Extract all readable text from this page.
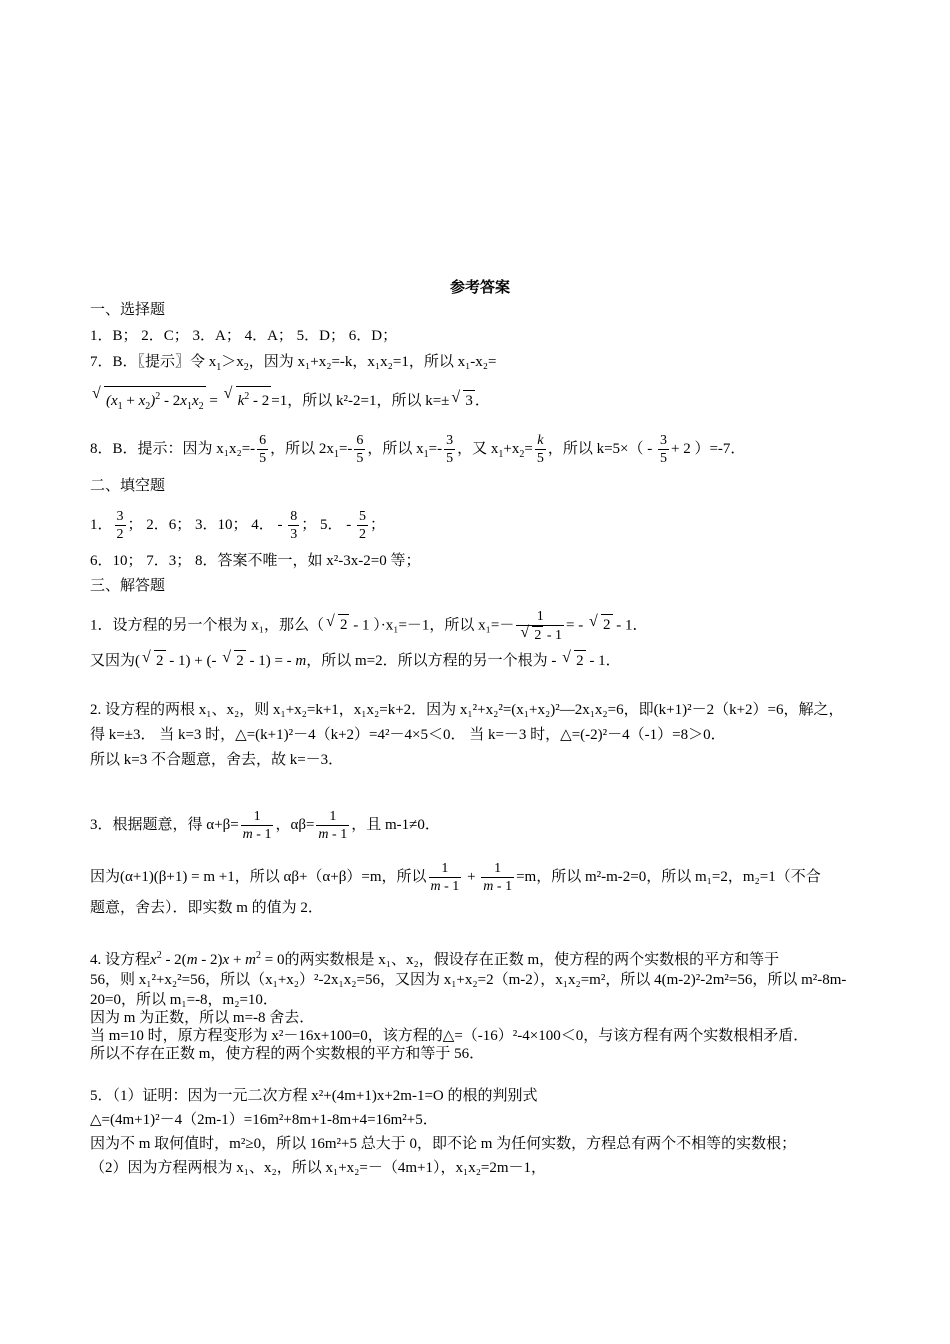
参考答案
一、选择题
1．B； 2．C； 3．A； 4．A； 5．D； 6．D；
7．B．〖提示〗令 $x_1>x_2$，因为 x₁+x₂=-k，x₁x₂=1，所以 x₁-x₂=
√ $(x_1 + x_2)^2 - 2x_1x_2$ = √ $k^2 - 2 =1$，所以 k²-2=1，所以 k=± √ 3 ．
8．B．提示：因为 $x_1x_2=- \frac{6}{5}$ ，所以 $2x_1=- \frac{6}{5}$ ，所以 $x_1=- \frac{3}{5}$ ，又 $x_1+x_2= \frac{k}{5}$ ，所以 $k=5\times( - \frac{3}{5} + 2$ ）=-7．
二、填空题
1． $\frac{3}{2}$ ； 2．6； 3．10； 4． - $\frac{8}{3}$ ； 5． - $\frac{5}{2}$ ；
6．10； 7．3； 8．答案不唯一，如 x²-3x-2=0 等；
三、解答题
1．设方程的另一个根为 x₁，那么（ √ 2 - 1 ）·x₁=－1，所以 x₁=－ 1
√ 2 - 1 = - √ 2 - 1．
又因为( √ 2 - 1) + (- √ 2 - 1) = - m，所以 m=2．所以方程的另一个根为 - √ 2 - 1．
2. 设方程的两根 x₁、x₂，则 x₁+x₂=k+1，x₁x₂=k+2．因为 x₁²+x₂²=(x₁+x₂)²—2x₁x₂=6，即(k+1)²－2（k+2）=6，解之，
得 k=±3． 当 k=3 时，△=(k+1)²－4（k+2）=4²－4×5＜0． 当 k=－3 时，△=(-2)²－4（-1）=8＞0．
所以 k=3 不合题意，舍去，故 k=－3．
3．根据题意，得 $\alpha+\beta= \frac{1}{m - 1}$ ，$\alpha\beta= \frac{1}{m - 1}$ ，且 m-1≠0．
因为(α+1)(β+1) = m +1，所以 αβ+（α+β）=m，所以 $\frac{1}{m - 1} + \frac{1}{m - 1} =m$，所以 m²-m-2=0，所以 m₁=2，m₂=1（不合
题意，舍去）．即实数 m 的值为 2．
4. 设方程$x^2 - 2(m - 2)x + m^2 = 0$的两实数根是 x₁、x₂，假设存在正数 m，使方程的两个实数根的平方和等于
56，则 x₁²+x₂²=56，所以（x₁+x₂）²-2x₁x₂=56，又因为 x₁+x₂=2（m-2），x₁x₂=m²，所以 4(m-2)²-2m²=56，所以 m²-8m-
20=0，所以 m₁=-8，m₂=10．
因为 m 为正数，所以 m=-8 舍去．
当 m=10 时，原方程变形为 x²－16x+100=0，该方程的△=（-16）²-4×100＜0，与该方程有两个实数根相矛盾．
所以不存在正数 m，使方程的两个实数根的平方和等于 56．
5．（1）证明：因为一元二次方程 x²+(4m+1)x+2m-1=O 的根的判别式
△=(4m+1)²－4（2m-1）=16m²+8m+1-8m+4=16m²+5．
因为不 m 取何值时，m²≥0，所以 16m²+5 总大于 0，即不论 m 为任何实数，方程总有两个不相等的实数根；
（2）因为方程两根为 x₁、x₂，所以 x₁+x₂=－（4m+1），x₁x₂=2m－1，
